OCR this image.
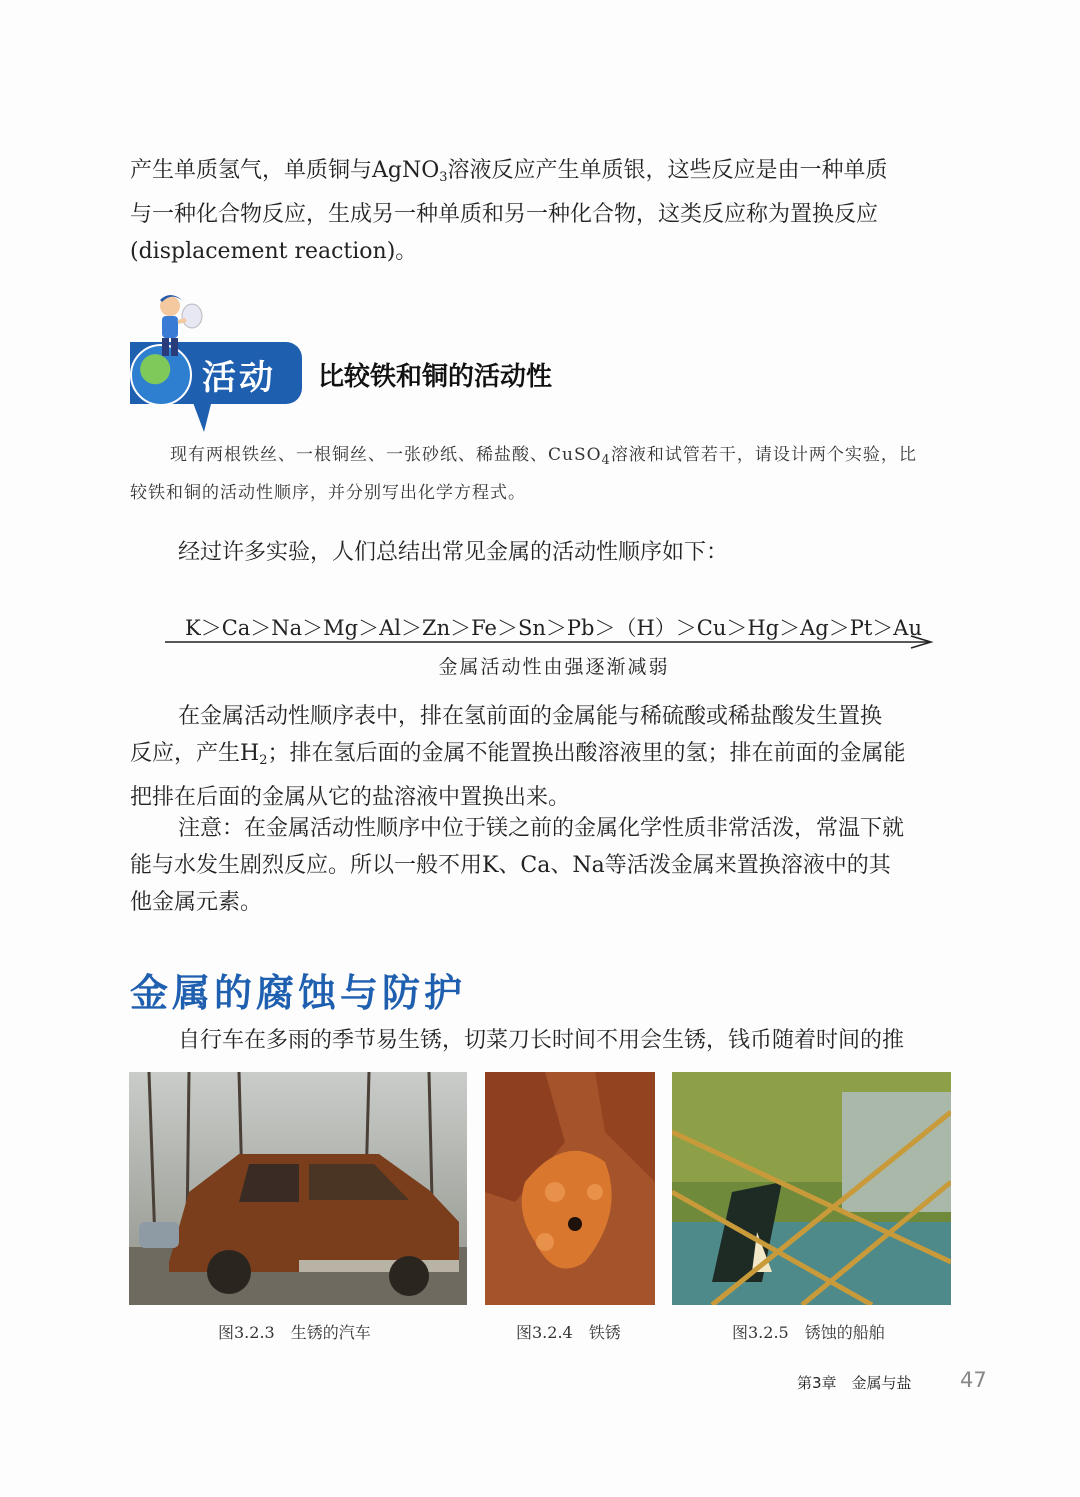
产生单质氢气，单质铜与AgNO$_3$溶液反应产生单质银，这些反应是由一种单质
与一种化合物反应，生成另一种单质和另一种化合物，这类反应称为置换反应
(displacement reaction)。
活动 比较铁和铜的活动性
现有两根铁丝、一根铜丝、一张砂纸、稀盐酸、CuSO$_4$溶液和试管若干，请设计两个实验，比
较铁和铜的活动性顺序，并分别写出化学方程式。
经过许多实验，人们总结出常见金属的活动性顺序如下：
K＞Ca＞Na＞Mg＞Al＞Zn＞Fe＞Sn＞Pb＞（H）＞Cu＞Hg＞Ag＞Pt＞Au
金属活动性由强逐渐减弱
在金属活动性顺序表中，排在氢前面的金属能与稀硫酸或稀盐酸发生置换
反应，产生$H_2$；排在氢后面的金属不能置换出酸溶液里的氢；排在前面的金属能
把排在后面的金属从它的盐溶液中置换出来。
注意：在金属活动性顺序中位于镁之前的金属化学性质非常活泼，常温下就
能与水发生剧烈反应。所以一般不用K、Ca、Na等活泼金属来置换溶液中的其
他金属元素。
金属的腐蚀与防护
自行车在多雨的季节易生锈，切菜刀长时间不用会生锈，钱币随着时间的推
图3.2.3　生锈的汽车	图3.2.4　铁锈	图3.2.5　锈蚀的船舶
第3章　金属与盐 47
